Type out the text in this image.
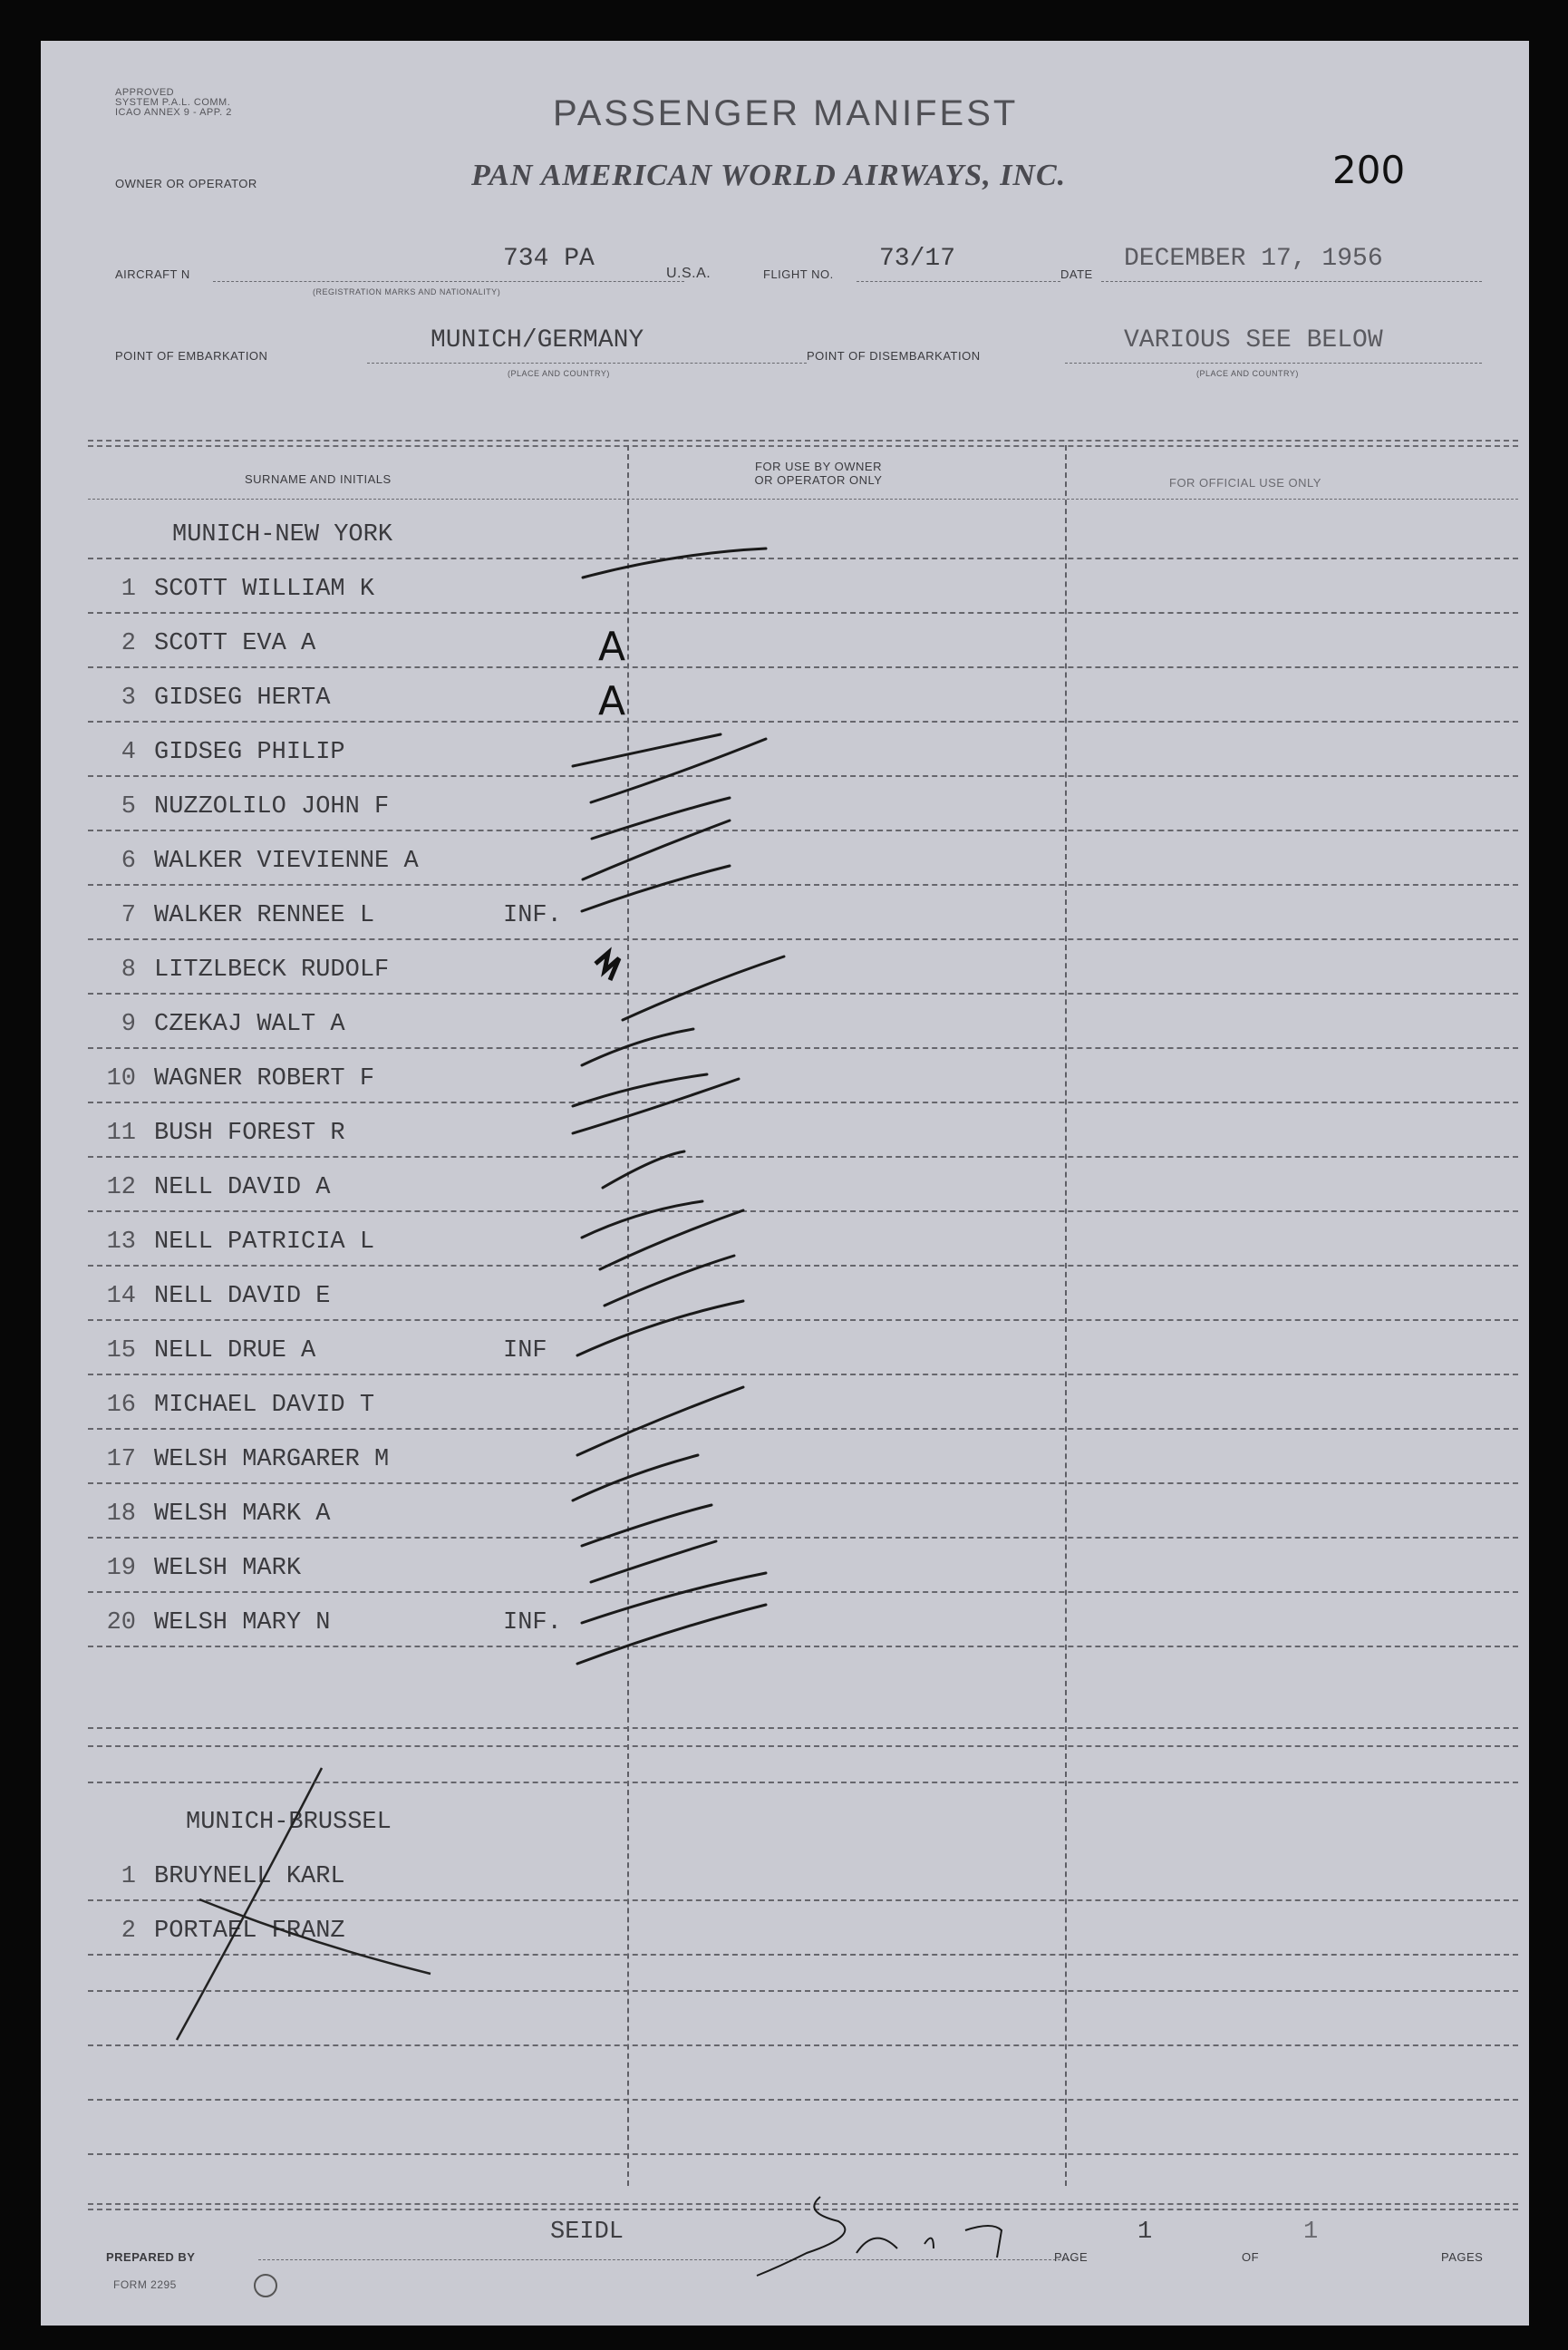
APPROVED
SYSTEM P.A.L. COMM.
ICAO ANNEX 9 - APP. 2	PASSENGER MANIFEST
OWNER OR OPERATOR	PAN AMERICAN WORLD AIRWAYS, INC.	200
AIRCRAFT N
734 PA
U.S.A.
(REGISTRATION MARKS AND NATIONALITY)
FLIGHT NO.
73/17
DATE
DECEMBER 17, 1956
POINT OF EMBARKATION
MUNICH/GERMANY
(PLACE AND COUNTRY)
POINT OF DISEMBARKATION
VARIOUS SEE BELOW
(PLACE AND COUNTRY)
SURNAME AND INITIALS
FOR USE BY OWNER
OR OPERATOR ONLY	FOR OFFICIAL USE ONLY
MUNICH-NEW YORK
1 SCOTT WILLIAM K
2 SCOTT EVA A
3 GIDSEG HERTA
4 GIDSEG PHILIP
5 NUZZOLILO JOHN F
6 WALKER VIEVIENNE A
7 WALKER RENNEE L	INF.
8 LITZLBECK RUDOLF
9 CZEKAJ WALT A
10 WAGNER ROBERT F
11 BUSH FOREST R
12 NELL DAVID A
13 NELL PATRICIA L
14 NELL DAVID E
15 NELL DRUE A	INF
16 MICHAEL DAVID T
17 WELSH MARGARER M
18 WELSH MARK A
19 WELSH MARK
20 WELSH MARY N	INF.
MUNICH-BRUSSEL
1 BRUYNELL KARL
2 PORTAEL FRANZ
SEIDL	1	1
PREPARED BY	PAGE	OF	PAGES
FORM 2295
A
A
